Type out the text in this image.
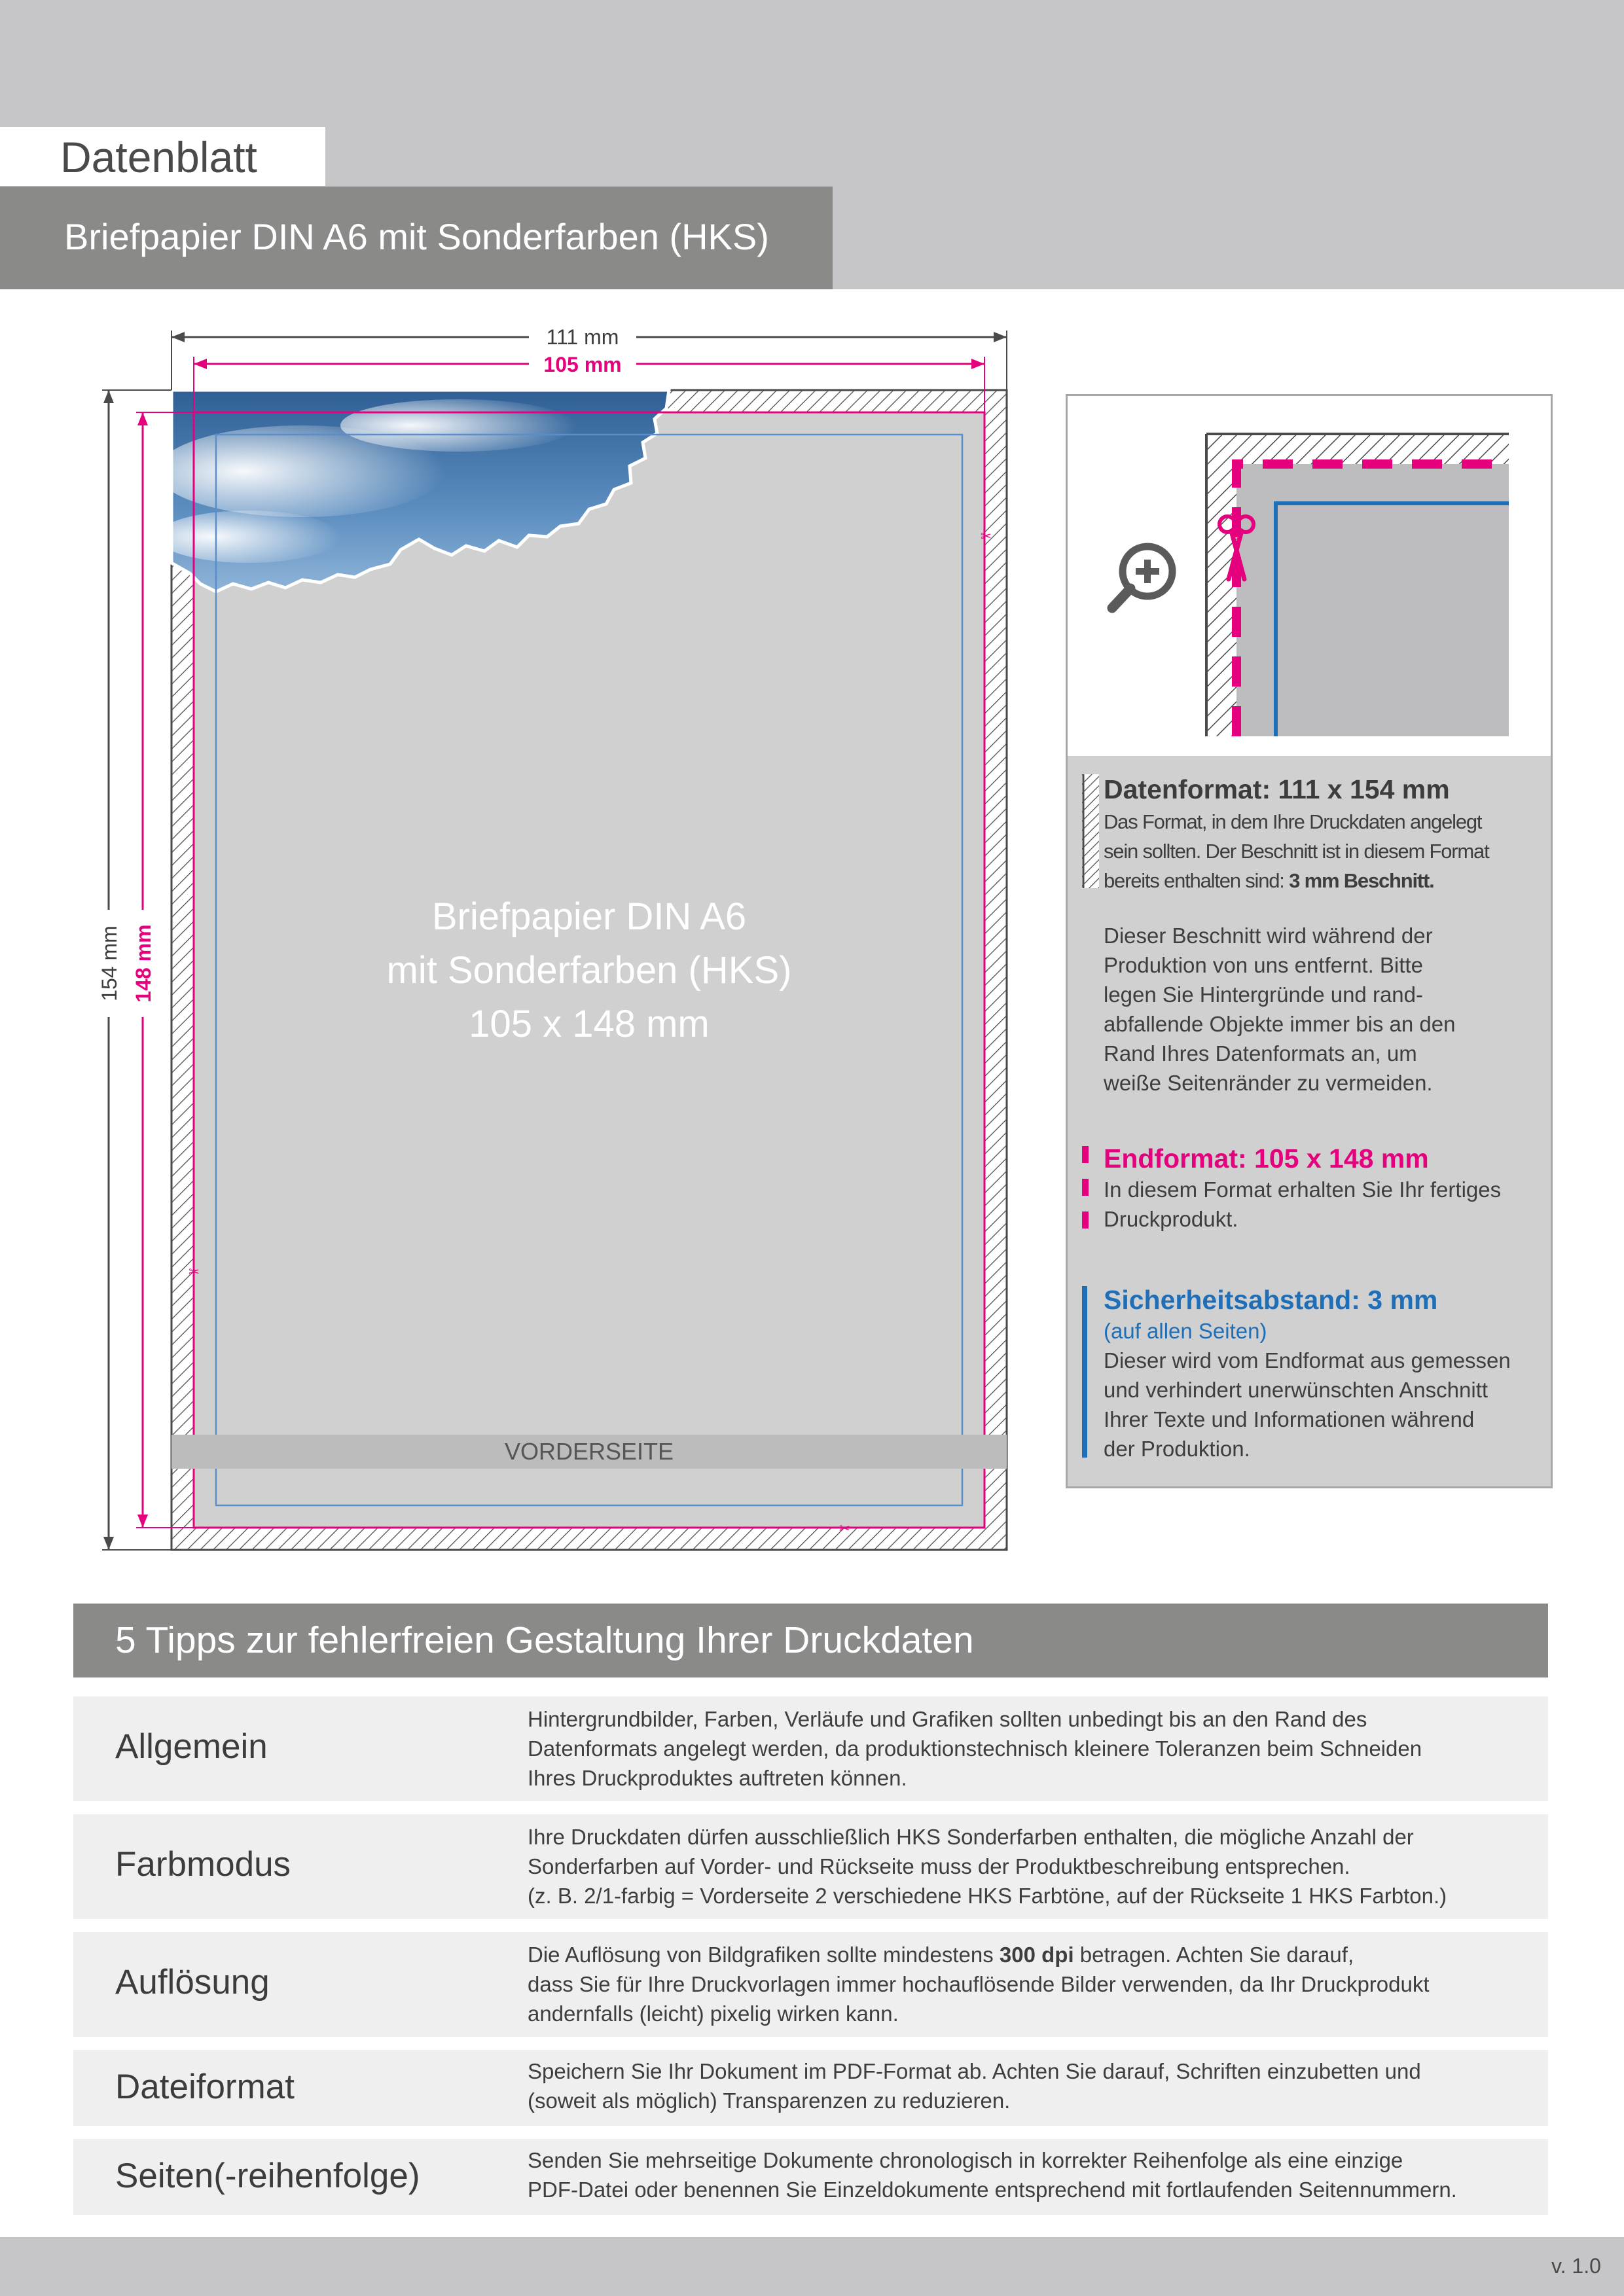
Datenblatt
Briefpapier DIN A6 mit Sonderfarben (HKS)
✂
✂
✂
111 mm
105 mm
154 mm 148 mm
Briefpapier DIN A6
mit Sonderfarben (HKS)
105 x 148 mm
VORDERSEITE
Datenformat: 111 x 154 mm
Das Format, in dem Ihre Druckdaten angelegt
sein sollten. Der Beschnitt ist in diesem Format
bereits enthalten sind: 3 mm Beschnitt.
Dieser Beschnitt wird während der
Produktion von uns entfernt. Bitte
legen Sie Hintergründe und rand-
abfallende Objekte immer bis an den
Rand Ihres Datenformats an, um
weiße Seitenränder zu vermeiden.
Endformat: 105 x 148 mm
In diesem Format erhalten Sie Ihr fertiges
Druckprodukt.
Sicherheitsabstand: 3 mm
(auf allen Seiten)
Dieser wird vom Endformat aus gemessen
und verhindert unerwünschten Anschnitt
Ihrer Texte und Informationen während
der Produktion.
5 Tipps zur fehlerfreien Gestaltung Ihrer Druckdaten
Allgemein
Hintergrundbilder, Farben, Verläufe und Grafiken sollten unbedingt bis an den Rand des
Datenformats angelegt werden, da produktionstechnisch kleinere Toleranzen beim Schneiden
Ihres Druckproduktes auftreten können.
Farbmodus
Ihre Druckdaten dürfen ausschließlich HKS Sonderfarben enthalten, die mögliche Anzahl der
Sonderfarben auf Vorder- und Rückseite muss der Produktbeschreibung entsprechen.
(z. B. 2/1-farbig = Vorderseite 2 verschiedene HKS Farbtöne, auf der Rückseite 1 HKS Farbton.)
Auflösung
Die Auflösung von Bildgrafiken sollte mindestens 300 dpi betragen. Achten Sie darauf,
dass Sie für Ihre Druckvorlagen immer hochauflösende Bilder verwenden, da Ihr Druckprodukt
andernfalls (leicht) pixelig wirken kann.
Dateiformat	Speichern Sie Ihr Dokument im PDF-Format ab. Achten Sie darauf, Schriften einzubetten und
(soweit als möglich) Transparenzen zu reduzieren.
Seiten(-reihenfolge)	Senden Sie mehrseitige Dokumente chronologisch in korrekter Reihenfolge als eine einzige
PDF-Datei oder benennen Sie Einzeldokumente entsprechend mit fortlaufenden Seitennummern.
v. 1.0
